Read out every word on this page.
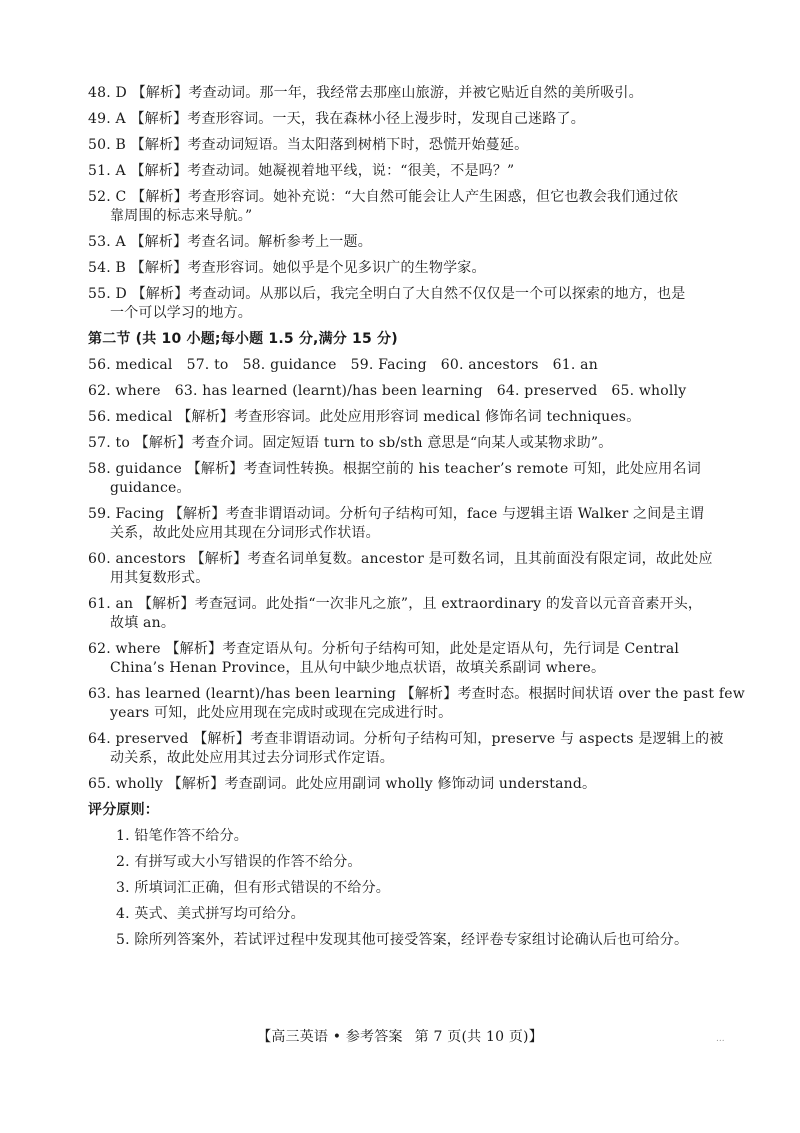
48. D 【解析】考查动词。那一年，我经常去那座山旅游，并被它贴近自然的美所吸引。
49. A 【解析】考查形容词。一天，我在森林小径上漫步时，发现自己迷路了。
50. B 【解析】考查动词短语。当太阳落到树梢下时，恐慌开始蔓延。
51. A 【解析】考查动词。她凝视着地平线，说：“很美，不是吗？”
52. C 【解析】考查形容词。她补充说：“大自然可能会让人产生困惑，但它也教会我们通过依
靠周围的标志来导航。”
53. A 【解析】考查名词。解析参考上一题。
54. B 【解析】考查形容词。她似乎是个见多识广的生物学家。
55. D 【解析】考查动词。从那以后，我完全明白了大自然不仅仅是一个可以探索的地方，也是
一个可以学习的地方。
第二节 (共 10 小题;每小题 1.5 分,满分 15 分)
56. medical 57. to 58. guidance 59. Facing 60. ancestors 61. an
62. where 63. has learned (learnt)/has been learning 64. preserved 65. wholly
56. medical 【解析】考查形容词。此处应用形容词 medical 修饰名词 techniques。
57. to 【解析】考查介词。固定短语 turn to sb/sth 意思是“向某人或某物求助”。
58. guidance 【解析】考查词性转换。根据空前的 his teacher’s remote 可知，此处应用名词
guidance。
59. Facing 【解析】考查非谓语动词。分析句子结构可知，face 与逻辑主语 Walker 之间是主谓
关系，故此处应用其现在分词形式作状语。
60. ancestors 【解析】考查名词单复数。ancestor 是可数名词，且其前面没有限定词，故此处应
用其复数形式。
61. an 【解析】考查冠词。此处指“一次非凡之旅”，且 extraordinary 的发音以元音音素开头，
故填 an。
62. where 【解析】考查定语从句。分析句子结构可知，此处是定语从句，先行词是 Central
China’s Henan Province，且从句中缺少地点状语，故填关系副词 where。
63. has learned (learnt)/has been learning 【解析】考查时态。根据时间状语 over the past few
years 可知，此处应用现在完成时或现在完成进行时。
64. preserved 【解析】考查非谓语动词。分析句子结构可知，preserve 与 aspects 是逻辑上的被
动关系，故此处应用其过去分词形式作定语。
65. wholly 【解析】考查副词。此处应用副词 wholly 修饰动词 understand。
评分原则：
1. 铅笔作答不给分。
2. 有拼写或大小写错误的作答不给分。
3. 所填词汇正确，但有形式错误的不给分。
4. 英式、美式拼写均可给分。
5. 除所列答案外，若试评过程中发现其他可接受答案，经评卷专家组讨论确认后也可给分。
【高三英语 • 参考答案 第 7 页(共 10 页)】	...
